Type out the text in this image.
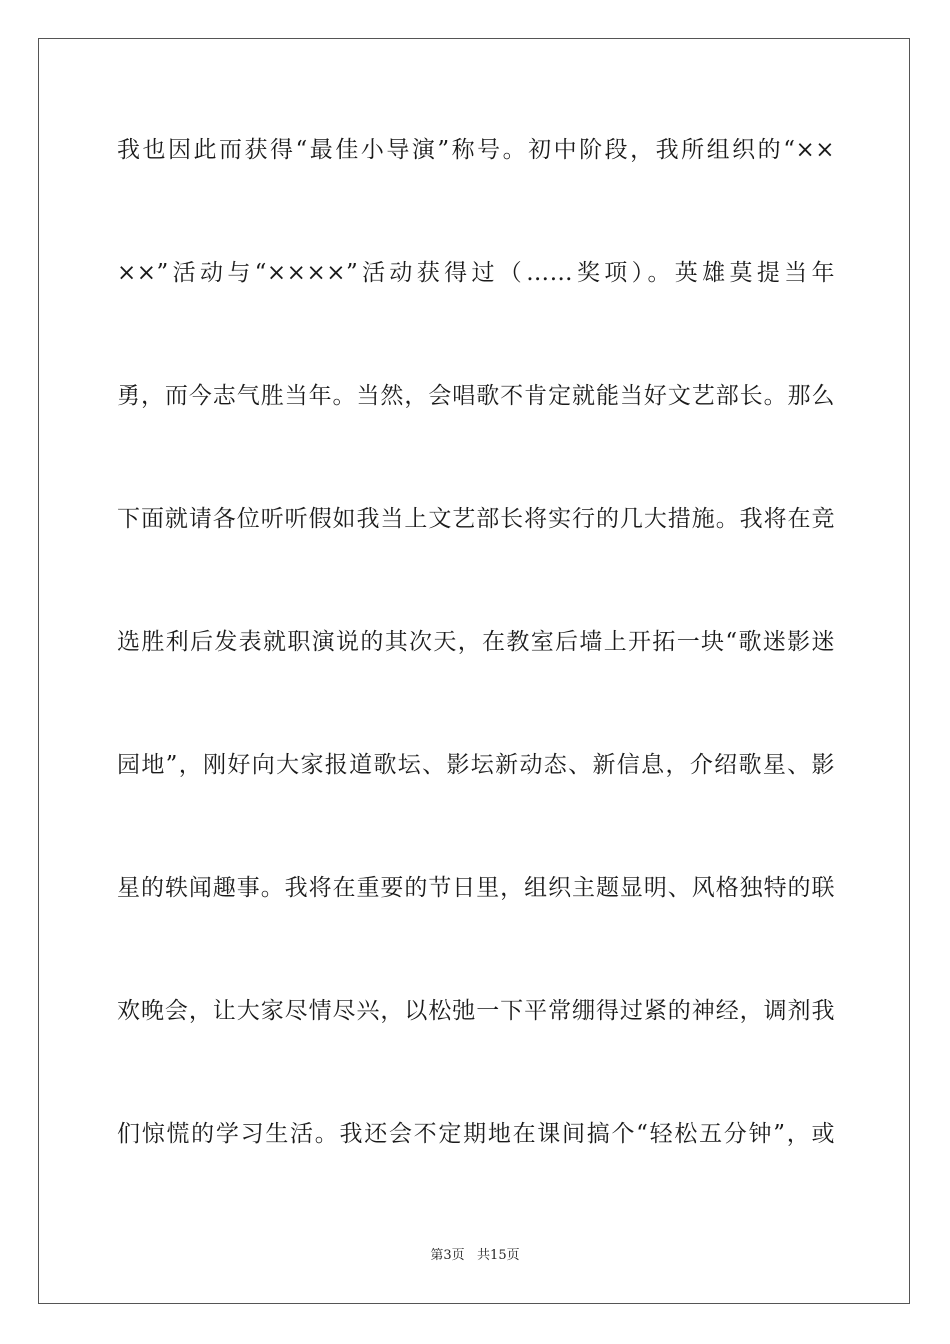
我也因此而获得“最佳小导演”称号。初中阶段，我所组织的“××

××”活动与“××××”活动获得过（……奖项）。英雄莫提当年

勇，而今志气胜当年。当然，会唱歌不肯定就能当好文艺部长。那么

下面就请各位听听假如我当上文艺部长将实行的几大措施。我将在竞

选胜利后发表就职演说的其次天，在教室后墙上开拓一块“歌迷影迷

园地”，刚好向大家报道歌坛、影坛新动态、新信息，介绍歌星、影

星的轶闻趣事。我将在重要的节日里，组织主题显明、风格独特的联

欢晚会，让大家尽情尽兴，以松弛一下平常绷得过紧的神经，调剂我

们惊慌的学习生活。我还会不定期地在课间搞个“轻松五分钟”，或

第3页   共15页
